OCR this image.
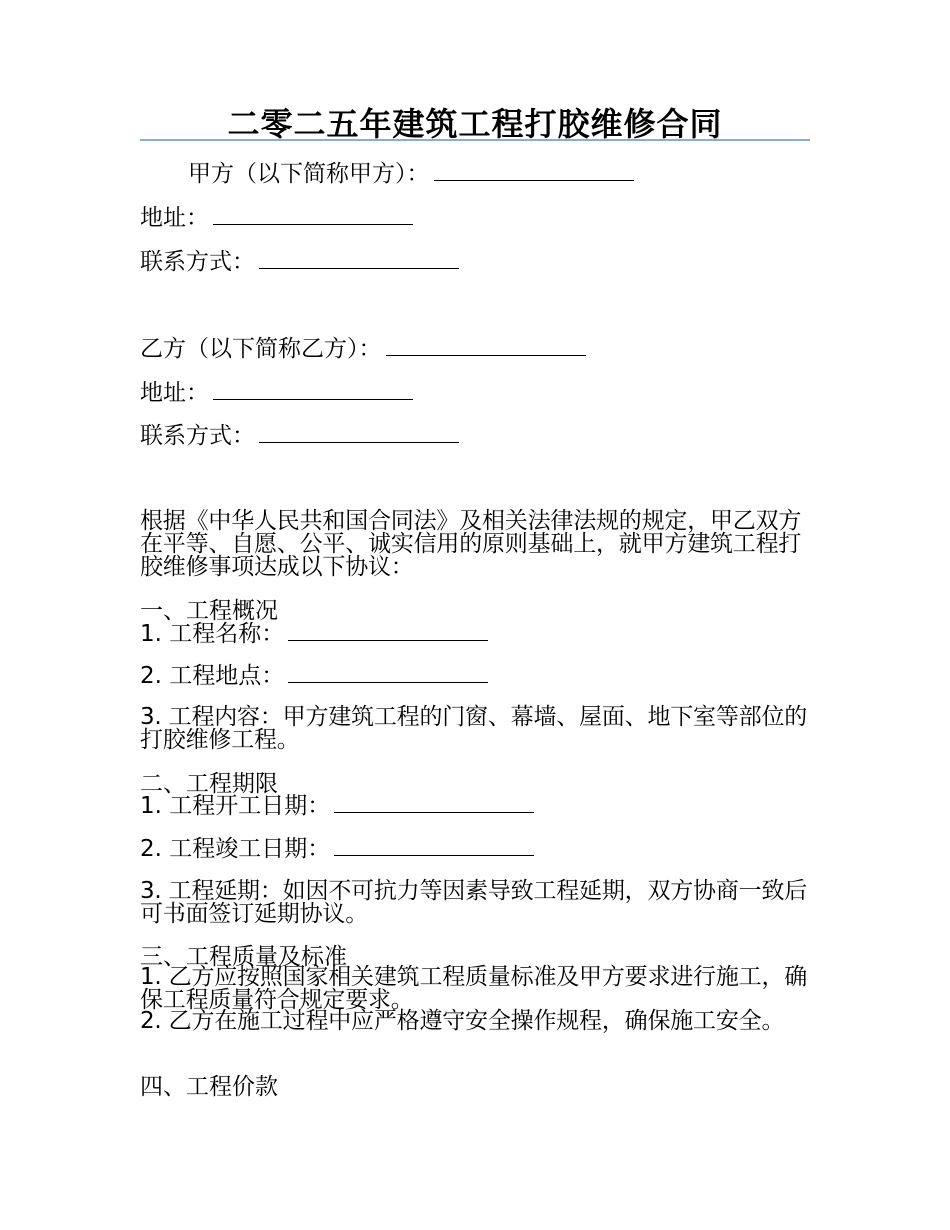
二零二五年建筑工程打胶维修合同
甲方（以下简称甲方）：
地址：
联系方式：
乙方（以下简称乙方）：
地址：
联系方式：
根据《中华人民共和国合同法》及相关法律法规的规定，甲乙双方在平等、自愿、公平、诚实信用的原则基础上，就甲方建筑工程打胶维修事项达成以下协议：
一、工程概况
1. 工程名称：
2. 工程地点：
3. 工程内容：甲方建筑工程的门窗、幕墙、屋面、地下室等部位的打胶维修工程。
二、工程期限
1. 工程开工日期：
2. 工程竣工日期：
3. 工程延期：如因不可抗力等因素导致工程延期，双方协商一致后可书面签订延期协议。
三、工程质量及标准
1. 乙方应按照国家相关建筑工程质量标准及甲方要求进行施工，确保工程质量符合规定要求。
2. 乙方在施工过程中应严格遵守安全操作规程，确保施工安全。
四、工程价款
